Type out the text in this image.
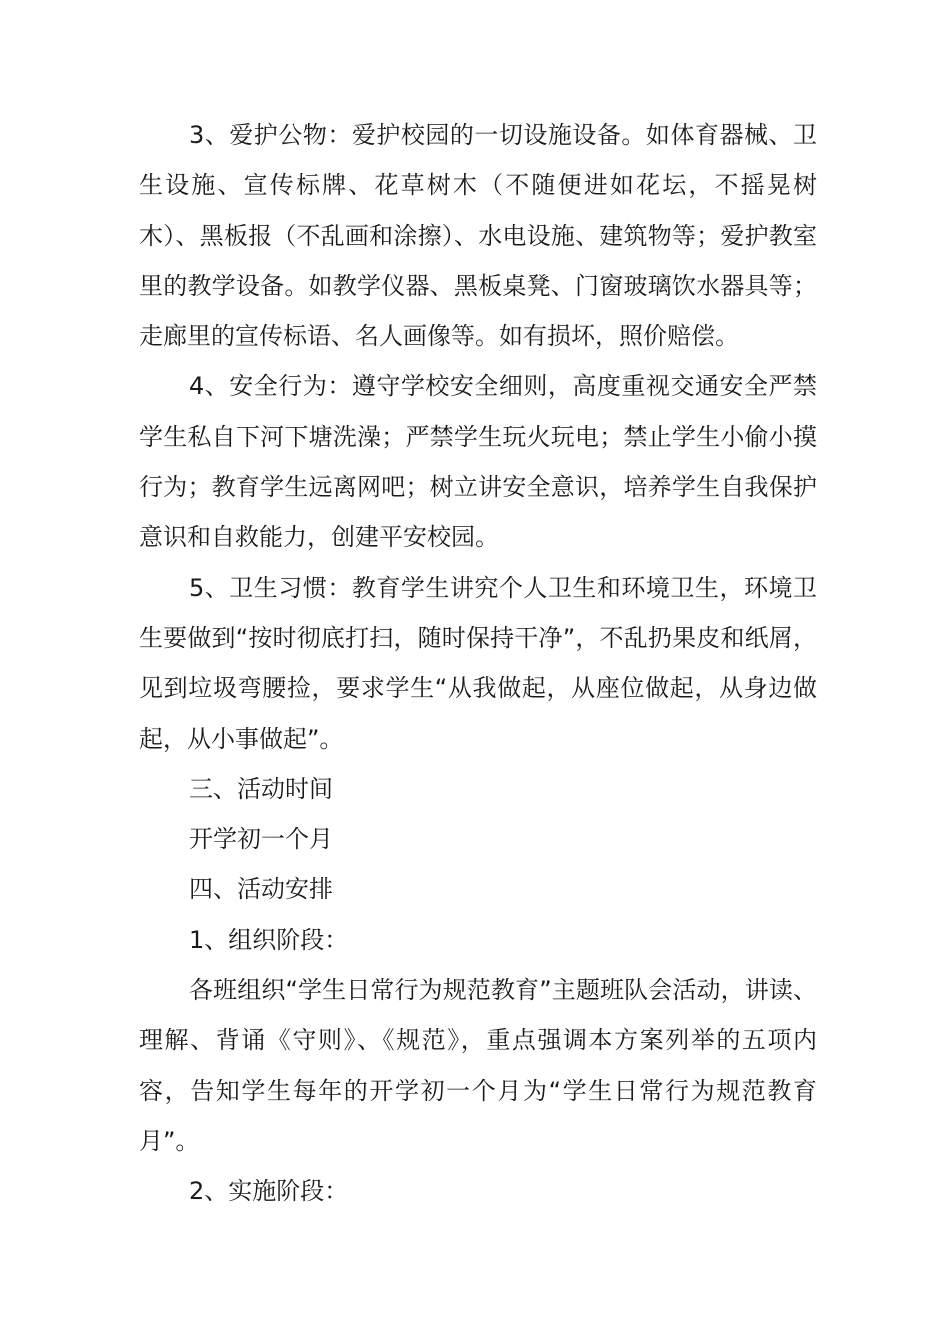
3、爱护公物：爱护校园的一切设施设备。如体育器械、卫生设施、宣传标牌、花草树木（不随便进如花坛，不摇晃树木）、黑板报（不乱画和涂擦）、水电设施、建筑物等；爱护教室里的教学设备。如教学仪器、黑板桌凳、门窗玻璃饮水器具等；走廊里的宣传标语、名人画像等。如有损坏，照价赔偿。

4、安全行为：遵守学校安全细则，高度重视交通安全严禁学生私自下河下塘洗澡；严禁学生玩火玩电；禁止学生小偷小摸行为；教育学生远离网吧；树立讲安全意识，培养学生自我保护意识和自救能力，创建平安校园。

5、卫生习惯：教育学生讲究个人卫生和环境卫生，环境卫生要做到“按时彻底打扫，随时保持干净”，不乱扔果皮和纸屑，见到垃圾弯腰捡，要求学生“从我做起，从座位做起，从身边做起，从小事做起”。

三、活动时间

开学初一个月

四、活动安排

1、组织阶段：

各班组织“学生日常行为规范教育”主题班队会活动，讲读、理解、背诵《守则》、《规范》，重点强调本方案列举的五项内容，告知学生每年的开学初一个月为“学生日常行为规范教育月”。

2、实施阶段：
